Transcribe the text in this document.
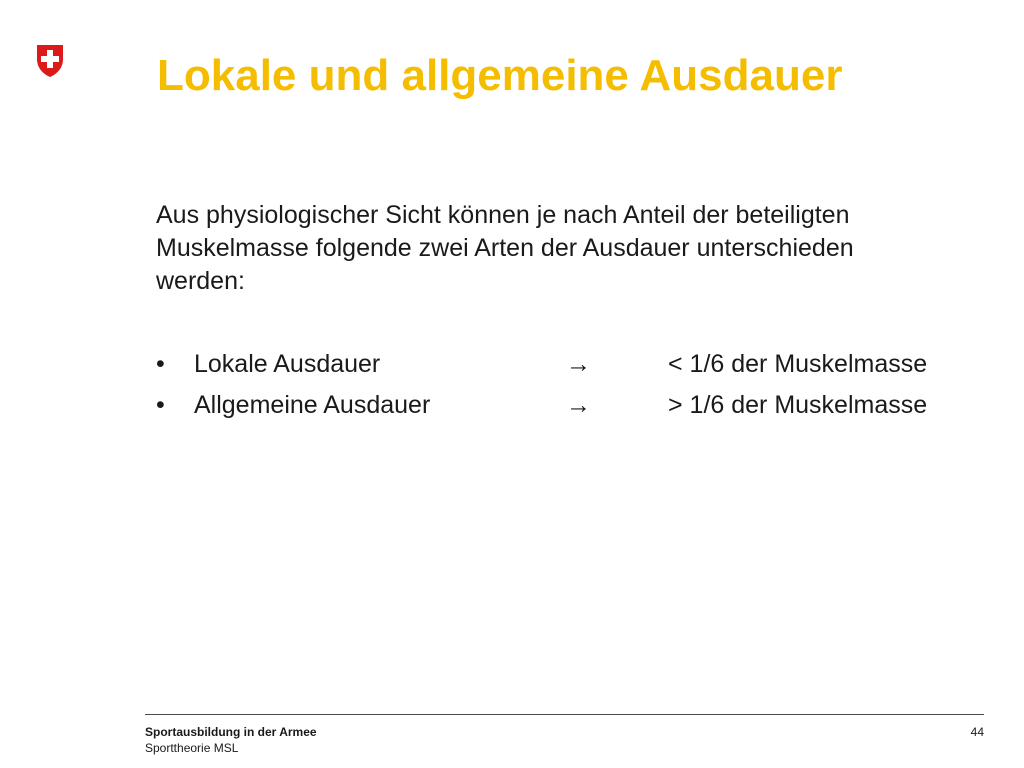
Lokale und allgemeine Ausdauer

Aus physiologischer Sicht können je nach Anteil der beteiligten
Muskelmasse folgende zwei Arten der Ausdauer unterschieden
werden:

• Lokale Ausdauer	→	< 1/6 der Muskelmasse
• Allgemeine Ausdauer	→	> 1/6 der Muskelmasse
Sportausbildung in der Armee
Sporttheorie MSL
44
